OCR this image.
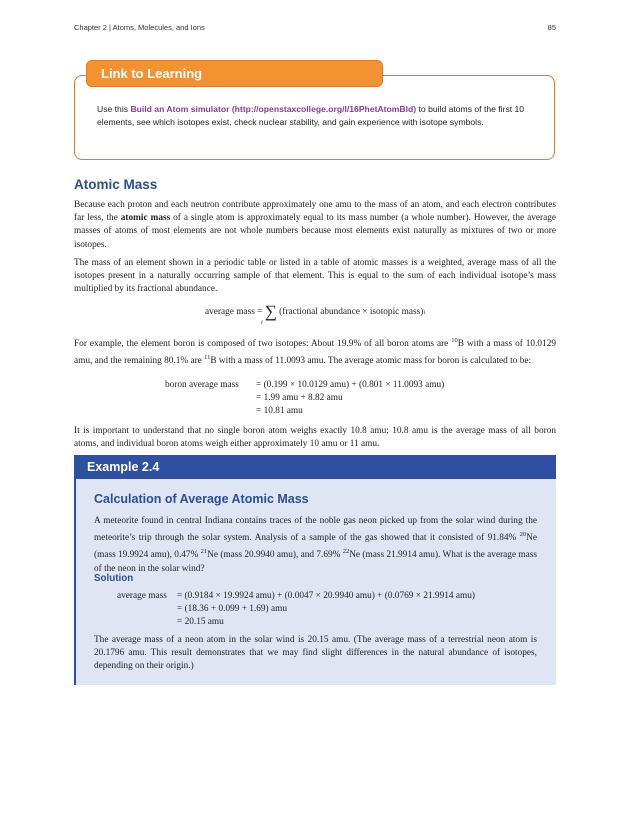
Chapter 2 | Atoms, Molecules, and Ions	85
Link to Learning
Use this Build an Atom simulator (http://openstaxcollege.org/l/16PhetAtomBld) to build atoms of the first 10 elements, see which isotopes exist, check nuclear stability, and gain experience with isotope symbols.
Atomic Mass

Because each proton and each neutron contribute approximately one amu to the mass of an atom, and each electron contributes far less, the atomic mass of a single atom is approximately equal to its mass number (a whole number). However, the average masses of atoms of most elements are not whole numbers because most elements exist naturally as mixtures of two or more isotopes.

The mass of an element shown in a periodic table or listed in a table of atomic masses is a weighted, average mass of all the isotopes present in a naturally occurring sample of that element. This is equal to the sum of each individual isotope’s mass multiplied by its fractional abundance.

average mass = ∑ (fractional abundance × isotopic mass)i
i

For example, the element boron is composed of two isotopes: About 19.9% of all boron atoms are $^{10}$B with a mass of 10.0129 amu, and the remaining 80.1% are $^{11}$B with a mass of 11.0093 amu. The average atomic mass for boron is calculated to be:

boron average mass = (0.199 × 10.0129 amu) + (0.801 × 11.0093 amu)
= 1.99 amu + 8.82 amu
= 10.81 amu

It is important to understand that no single boron atom weighs exactly 10.8 amu; 10.8 amu is the average mass of all boron atoms, and individual boron atoms weigh either approximately 10 amu or 11 amu.

Example 2.4
Calculation of Average Atomic Mass

A meteorite found in central Indiana contains traces of the noble gas neon picked up from the solar wind during the meteorite’s trip through the solar system. Analysis of a sample of the gas showed that it consisted of 91.84% $^{20}$Ne (mass 19.9924 amu), 0.47% $^{21}$Ne (mass 20.9940 amu), and 7.69% $^{22}$Ne (mass 21.9914 amu). What is the average mass of the neon in the solar wind?

Solution
average mass = (0.9184 × 19.9924 amu) + (0.0047 × 20.9940 amu) + (0.0769 × 21.9914 amu)
= (18.36 + 0.099 + 1.69) amu
= 20.15 amu

The average mass of a neon atom in the solar wind is 20.15 amu. (The average mass of a terrestrial neon atom is 20.1796 amu. This result demonstrates that we may find slight differences in the natural abundance of isotopes, depending on their origin.)
